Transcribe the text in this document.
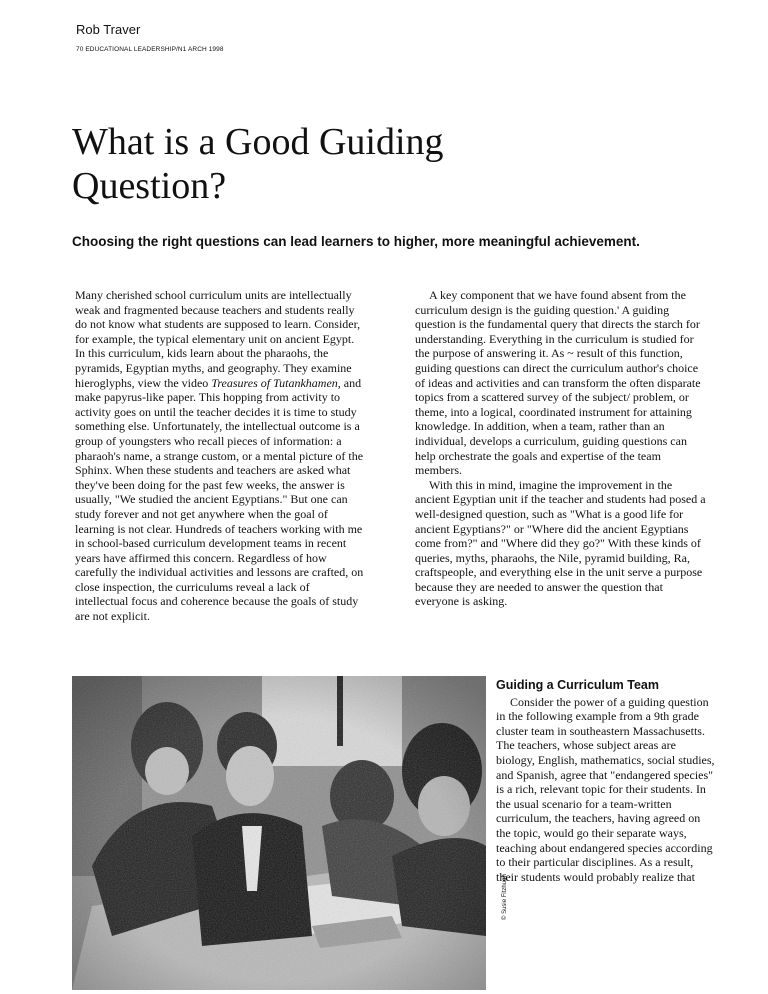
Rob Traver
70 EDUCATIONAL LEADERSHIP/N1 ARCH 1998
What is a Good Guiding Question?
Choosing the right questions can lead learners to higher, more meaningful achievement.

Many cherished school curriculum units are intellectually weak and fragmented because teachers and students really do not know what students are supposed to learn. Consider, for example, the typical elementary unit on ancient Egypt. In this curriculum, kids learn about the pharaohs, the pyramids, Egyptian myths, and geography. They examine hieroglyphs, view the video Treasures of Tutankhamen, and make papyrus-like paper. This hopping from activity to activity goes on until the teacher decides it is time to study something else. Unfortunately, the intellectual outcome is a group of youngsters who recall pieces of information: a pharaoh's name, a strange custom, or a mental picture of the Sphinx. When these students and teachers are asked what they've been doing for the past few weeks, the answer is usually, "We studied the ancient Egyptians." But one can study forever and not get anywhere when the goal of learning is not clear. Hundreds of teachers working with me in school-based curriculum development teams in recent years have affirmed this concern. Regardless of how carefully the individual activities and lessons are crafted, on close inspection, the curriculums reveal a lack of intellectual focus and coherence because the goals of study are not explicit.

A key component that we have found absent from the curriculum design is the guiding question.' A guiding question is the fundamental query that directs the starch for understanding. Everything in the curriculum is studied for the purpose of answering it. As ~ result of this function, guiding questions can direct the curriculum author's choice of ideas and activities and can transform the often disparate topics from a scattered survey of the subject/ problem, or theme, into a logical, coordinated instrument for attaining knowledge. In addition, when a team, rather than an individual, develops a curriculum, guiding questions can help orchestrate the goals and expertise of the team members.

With this in mind, imagine the improvement in the ancient Egyptian unit if the teacher and students had posed a well-designed question, such as "What is a good life for ancient Egyptians?" or "Where did the ancient Egyptians come from?" and "Where did they go?" With these kinds of queries, myths, pharaohs, the Nile, pyramid building, Ra, craftspeople, and everything else in the unit serve a purpose because they are needed to answer the question that everyone is asking.

© Susie Fitzhugh
Guiding a Curriculum Team

Consider the power of a guiding question in the following example from a 9th grade cluster team in southeastern Massachusetts. The teachers, whose subject areas are biology, English, mathematics, social studies, and Spanish, agree that "endangered species" is a rich, relevant topic for their students. In the usual scenario for a team-written curriculum, the teachers, having agreed on the topic, would go their separate ways, teaching about endangered species according to their particular disciplines. As a result, their students would probably realize that
